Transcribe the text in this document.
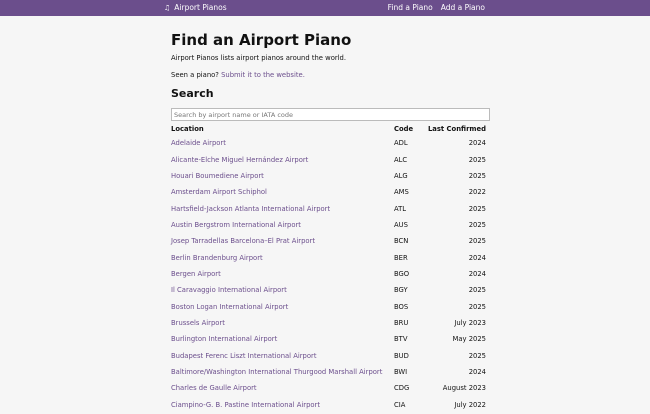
♫ Airport Pianos	Find a Piano Add a Piano
Find an Airport Piano

Airport Pianos lists airport pianos around the world.

Seen a piano? Submit it to the website.

Search
Search by airport name or IATA code
Location	Code	Last Confirmed
Adelaide Airport	ADL	2024
Alicante-Elche Miguel Hernández Airport	ALC	2025
Houari Boumediene Airport	ALG	2025
Amsterdam Airport Schiphol	AMS	2022
Hartsfield-Jackson Atlanta International Airport	ATL	2025
Austin Bergstrom International Airport	AUS	2025
Josep Tarradellas Barcelona–El Prat Airport	BCN	2025
Berlin Brandenburg Airport	BER	2024
Bergen Airport	BGO	2024
Il Caravaggio International Airport	BGY	2025
Boston Logan International Airport	BOS	2025
Brussels Airport	BRU	July 2023
Burlington International Airport	BTV	May 2025
Budapest Ferenc Liszt International Airport	BUD	2025
Baltimore/Washington International Thurgood Marshall Airport	BWI	2024
Charles de Gaulle Airport	CDG	August 2023
Ciampino-G. B. Pastine International Airport	CIA	July 2022
